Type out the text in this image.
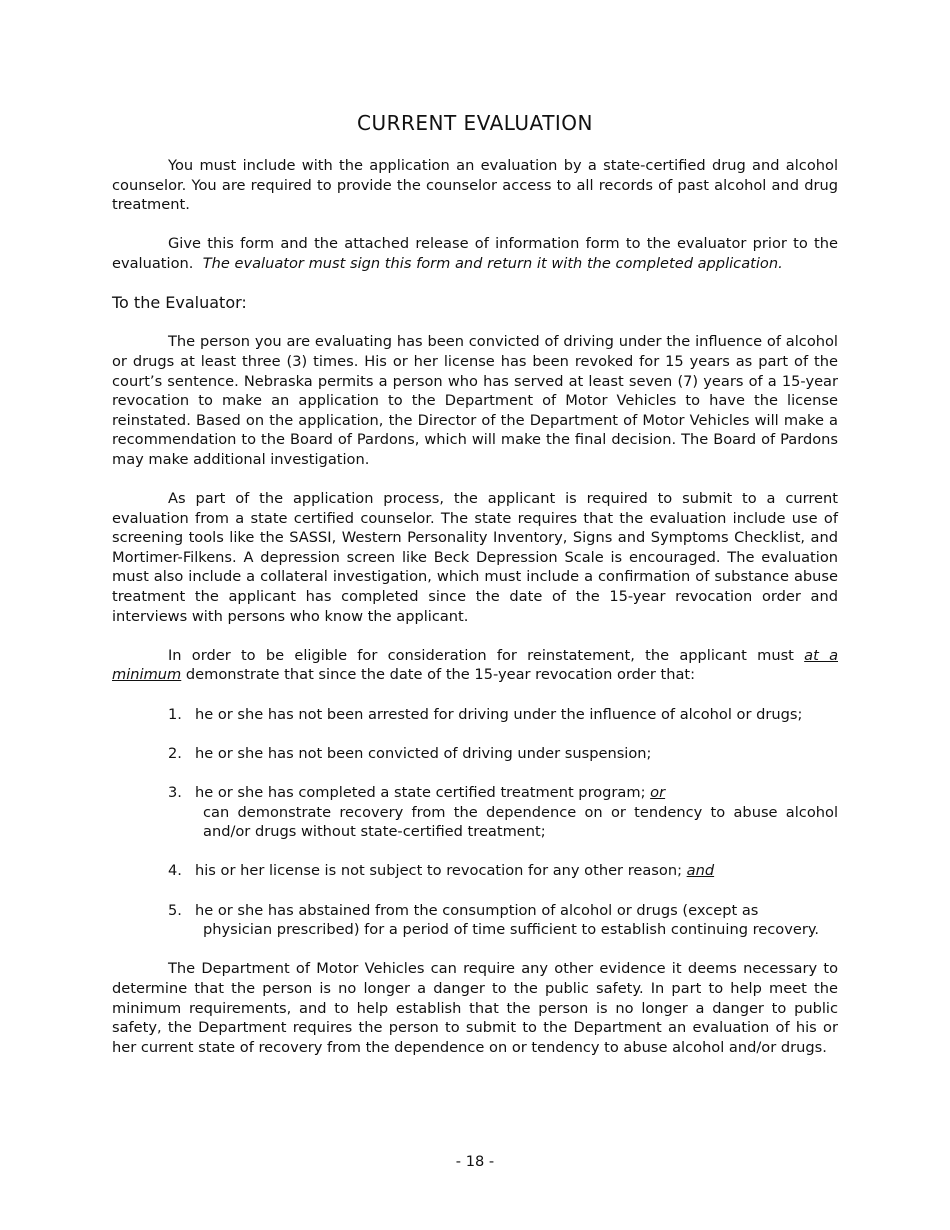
CURRENT EVALUATION

You must include with the application an evaluation by a state-certified drug and alcohol counselor. You are required to provide the counselor access to all records of past alcohol and drug treatment.

Give this form and the attached release of information form to the evaluator prior to the evaluation. The evaluator must sign this form and return it with the completed application.

To the Evaluator:

The person you are evaluating has been convicted of driving under the influence of alcohol or drugs at least three (3) times. His or her license has been revoked for 15 years as part of the court’s sentence. Nebraska permits a person who has served at least seven (7) years of a 15-year revocation to make an application to the Department of Motor Vehicles to have the license reinstated. Based on the application, the Director of the Department of Motor Vehicles will make a recommendation to the Board of Pardons, which will make the final decision. The Board of Pardons may make additional investigation.

As part of the application process, the applicant is required to submit to a current evaluation from a state certified counselor. The state requires that the evaluation include use of screening tools like the SASSI, Western Personality Inventory, Signs and Symptoms Checklist, and Mortimer-Filkens. A depression screen like Beck Depression Scale is encouraged. The evaluation must also include a collateral investigation, which must include a confirmation of substance abuse treatment the applicant has completed since the date of the 15-year revocation order and interviews with persons who know the applicant.

In order to be eligible for consideration for reinstatement, the applicant must at a minimum demonstrate that since the date of the 15-year revocation order that:

1. he or she has not been arrested for driving under the influence of alcohol or drugs;
2. he or she has not been convicted of driving under suspension;
3. he or she has completed a state certified treatment program; or
can demonstrate recovery from the dependence on or tendency to abuse alcohol and/or drugs without state-certified treatment;
4. his or her license is not subject to revocation for any other reason; and
5. he or she has abstained from the consumption of alcohol or drugs (except as
physician prescribed) for a period of time sufficient to establish continuing recovery.

The Department of Motor Vehicles can require any other evidence it deems necessary to determine that the person is no longer a danger to the public safety. In part to help meet the minimum requirements, and to help establish that the person is no longer a danger to public safety, the Department requires the person to submit to the Department an evaluation of his or her current state of recovery from the dependence on or tendency to abuse alcohol and/or drugs.

- 18 -
